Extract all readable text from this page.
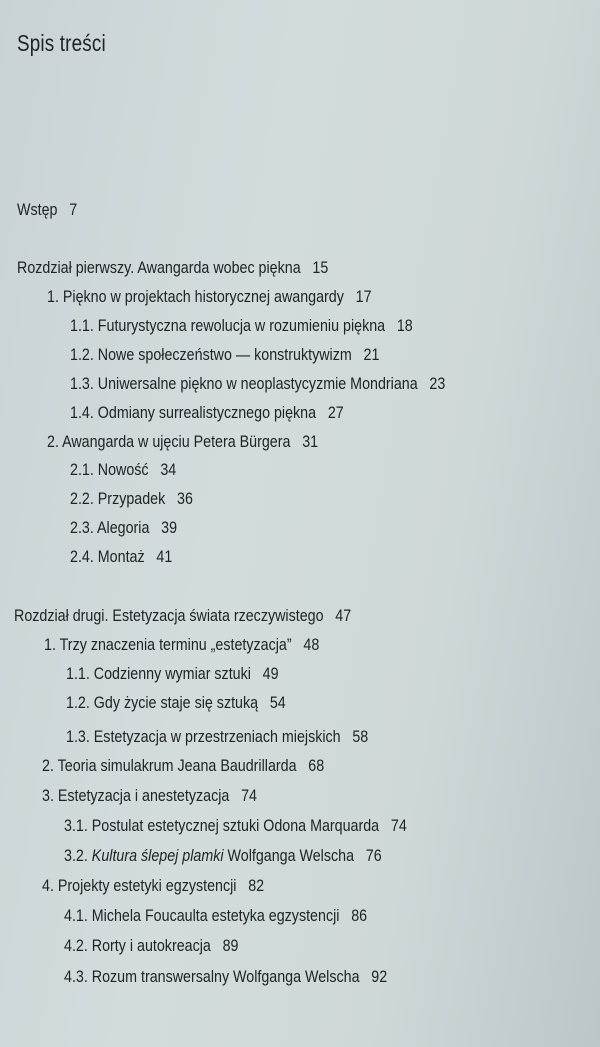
Spis treści
Wstęp 7
Rozdział pierwszy. Awangarda wobec piękna 15
1. Piękno w projektach historycznej awangardy 17
1.1. Futurystyczna rewolucja w rozumieniu piękna 18
1.2. Nowe społeczeństwo — konstruktywizm 21
1.3. Uniwersalne piękno w neoplastycyzmie Mondriana 23
1.4. Odmiany surrealistycznego piękna 27
2. Awangarda w ujęciu Petera Bürgera 31
2.1. Nowość 34
2.2. Przypadek 36
2.3. Alegoria 39
2.4. Montaż 41
Rozdział drugi. Estetyzacja świata rzeczywistego 47
1. Trzy znaczenia terminu „estetyzacja” 48
1.1. Codzienny wymiar sztuki 49
1.2. Gdy życie staje się sztuką 54
1.3. Estetyzacja w przestrzeniach miejskich 58
2. Teoria simulakrum Jeana Baudrillarda 68
3. Estetyzacja i anestetyzacja 74
3.1. Postulat estetycznej sztuki Odona Marquarda 74
3.2. Kultura ślepej plamki Wolfganga Welscha 76
4. Projekty estetyki egzystencji 82
4.1. Michela Foucaulta estetyka egzystencji 86
4.2. Rorty i autokreacja 89
4.3. Rozum transwersalny Wolfganga Welscha 92
